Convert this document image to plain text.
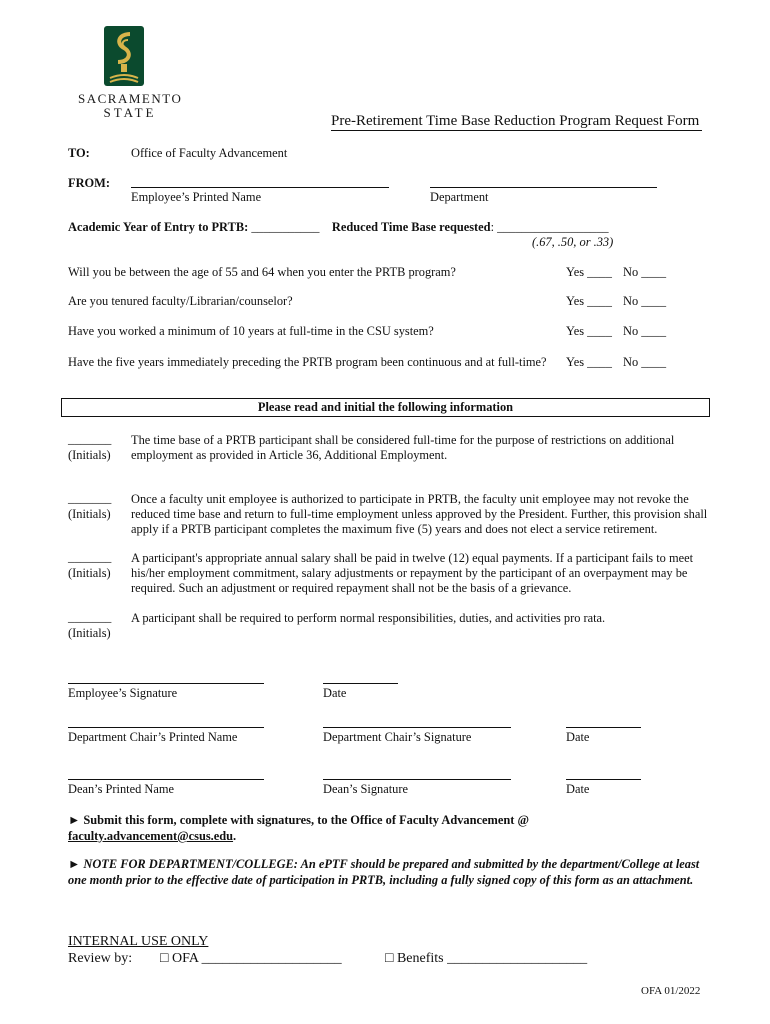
SACRAMENTO
STATE
Pre-Retirement Time Base Reduction Program Request Form
TO:	Office of Faculty Advancement
FROM:
Employee’s Printed Name	Department
Academic Year of Entry to PRTB: ___________ Reduced Time Base requested: __________________
(.67, .50, or .33)
Will you be between the age of 55 and 64 when you enter the PRTB program?	Yes ____ No ____
Are you tenured faculty/Librarian/counselor?	Yes ____ No ____
Have you worked a minimum of 10 years at full-time in the CSU system?	Yes ____ No ____
Have the five years immediately preceding the PRTB program been continuous and at full-time? Yes ____ No ____
Please read and initial the following information
_______
(Initials)
The time base of a PRTB participant shall be considered full-time for the purpose of restrictions on additional employment as provided in Article 36, Additional Employment.
_______
(Initials)
Once a faculty unit employee is authorized to participate in PRTB, the faculty unit employee may not revoke the reduced time base and return to full-time employment unless approved by the President. Further, this provision shall apply if a PRTB participant completes the maximum five (5) years and does not elect a service retirement.
_______
(Initials)
A participant's appropriate annual salary shall be paid in twelve (12) equal payments. If a participant fails to meet his/her employment commitment, salary adjustments or repayment by the participant of an overpayment may be required. Such an adjustment or required repayment shall not be the basis of a grievance.
_______
(Initials)
A participant shall be required to perform normal responsibilities, duties, and activities pro rata.
Employee’s Signature	Date
Department Chair’s Printed Name	Department Chair’s Signature	Date
Dean’s Printed Name	Dean’s Signature	Date
► Submit this form, complete with signatures, to the Office of Faculty Advancement @
faculty.advancement@csus.edu.
► NOTE FOR DEPARTMENT/COLLEGE: An ePTF should be prepared and submitted by the department/College at least one month prior to the effective date of participation in PRTB, including a fully signed copy of this form as an attachment.
INTERNAL USE ONLY
Review by: □ OFA ____________________	□ Benefits ____________________
OFA 01/2022
